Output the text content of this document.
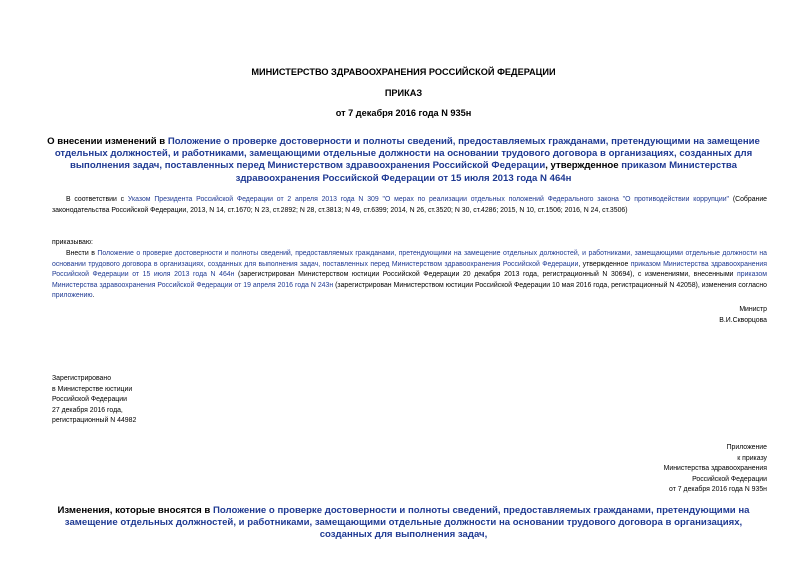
МИНИСТЕРСТВО ЗДРАВООХРАНЕНИЯ РОССИЙСКОЙ ФЕДЕРАЦИИ
ПРИКАЗ
от 7 декабря 2016 года N 935н
О внесении изменений в Положение о проверке достоверности и полноты сведений, предоставляемых гражданами, претендующими на замещение отдельных должностей, и работниками, замещающими отдельные должности на основании трудового договора в организациях, созданных для выполнения задач, поставленных перед Министерством здравоохранения Российской Федерации, утвержденное приказом Министерства здравоохранения Российской Федерации от 15 июля 2013 года N 464н
В соответствии с Указом Президента Российской Федерации от 2 апреля 2013 года N 309 "О мерах по реализации отдельных положений Федерального закона "О противодействии коррупции" (Собрание законодательства Российской Федерации, 2013, N 14, ст.1670; N 23, ст.2892; N 28, ст.3813; N 49, ст.6399; 2014, N 26, ст.3520; N 30, ст.4286; 2015, N 10, ст.1506; 2016, N 24, ст.3506)
приказываю:
Внести в Положение о проверке достоверности и полноты сведений, предоставляемых гражданами, претендующими на замещение отдельных должностей, и работниками, замещающими отдельные должности на основании трудового договора в организациях, созданных для выполнения задач, поставленных перед Министерством здравоохранения Российской Федерации, утвержденное приказом Министерства здравоохранения Российской Федерации от 15 июля 2013 года N 464н (зарегистрирован Министерством юстиции Российской Федерации 20 декабря 2013 года, регистрационный N 30694), с изменениями, внесенными приказом Министерства здравоохранения Российской Федерации от 19 апреля 2016 года N 243н (зарегистрирован Министерством юстиции Российской Федерации 10 мая 2016 года, регистрационный N 42058), изменения согласно приложению.
Министр
В.И.Скворцова
Зарегистрировано
в Министерстве юстиции
Российской Федерации
27 декабря 2016 года,
регистрационный N 44982
Приложение
к приказу
Министерства здравоохранения
Российской Федерации
от 7 декабря 2016 года N 935н
Изменения, которые вносятся в Положение о проверке достоверности и полноты сведений, предоставляемых гражданами, претендующими на замещение отдельных должностей, и работниками, замещающими отдельные должности на основании трудового договора в организациях, созданных для выполнения задач,
